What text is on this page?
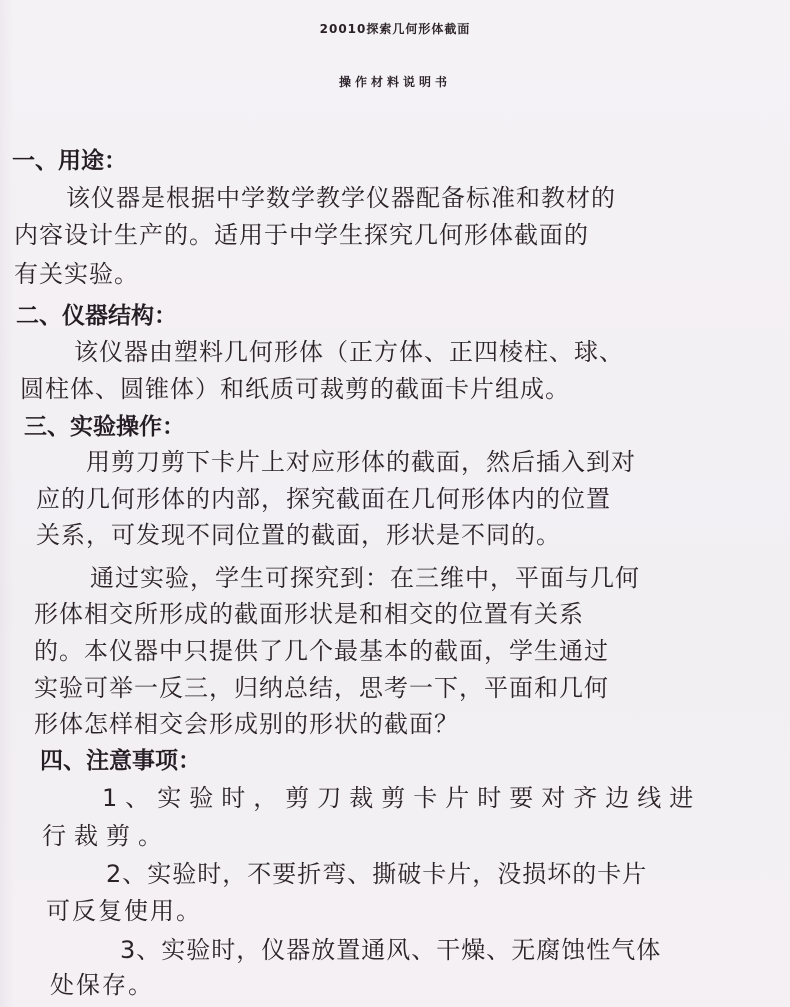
20010探索几何形体截面
操作材料说明书
一、用途：
该仪器是根据中学数学教学仪器配备标准和教材的
内容设计生产的。适用于中学生探究几何形体截面的
有关实验。
二、仪器结构：
该仪器由塑料几何形体（正方体、正四棱柱、球、
圆柱体、圆锥体）和纸质可裁剪的截面卡片组成。
三、实验操作：
用剪刀剪下卡片上对应形体的截面，然后插入到对
应的几何形体的内部，探究截面在几何形体内的位置
关系，可发现不同位置的截面，形状是不同的。
通过实验，学生可探究到：在三维中，平面与几何
形体相交所形成的截面形状是和相交的位置有关系
的。本仪器中只提供了几个最基本的截面，学生通过
实验可举一反三，归纳总结，思考一下，平面和几何
形体怎样相交会形成别的形状的截面？
四、注意事项：
1、实验时，剪刀裁剪卡片时要对齐边线进
行裁剪。
2、实验时，不要折弯、撕破卡片，没损坏的卡片
可反复使用。
3、实验时，仪器放置通风、干燥、无腐蚀性气体
处保存。
